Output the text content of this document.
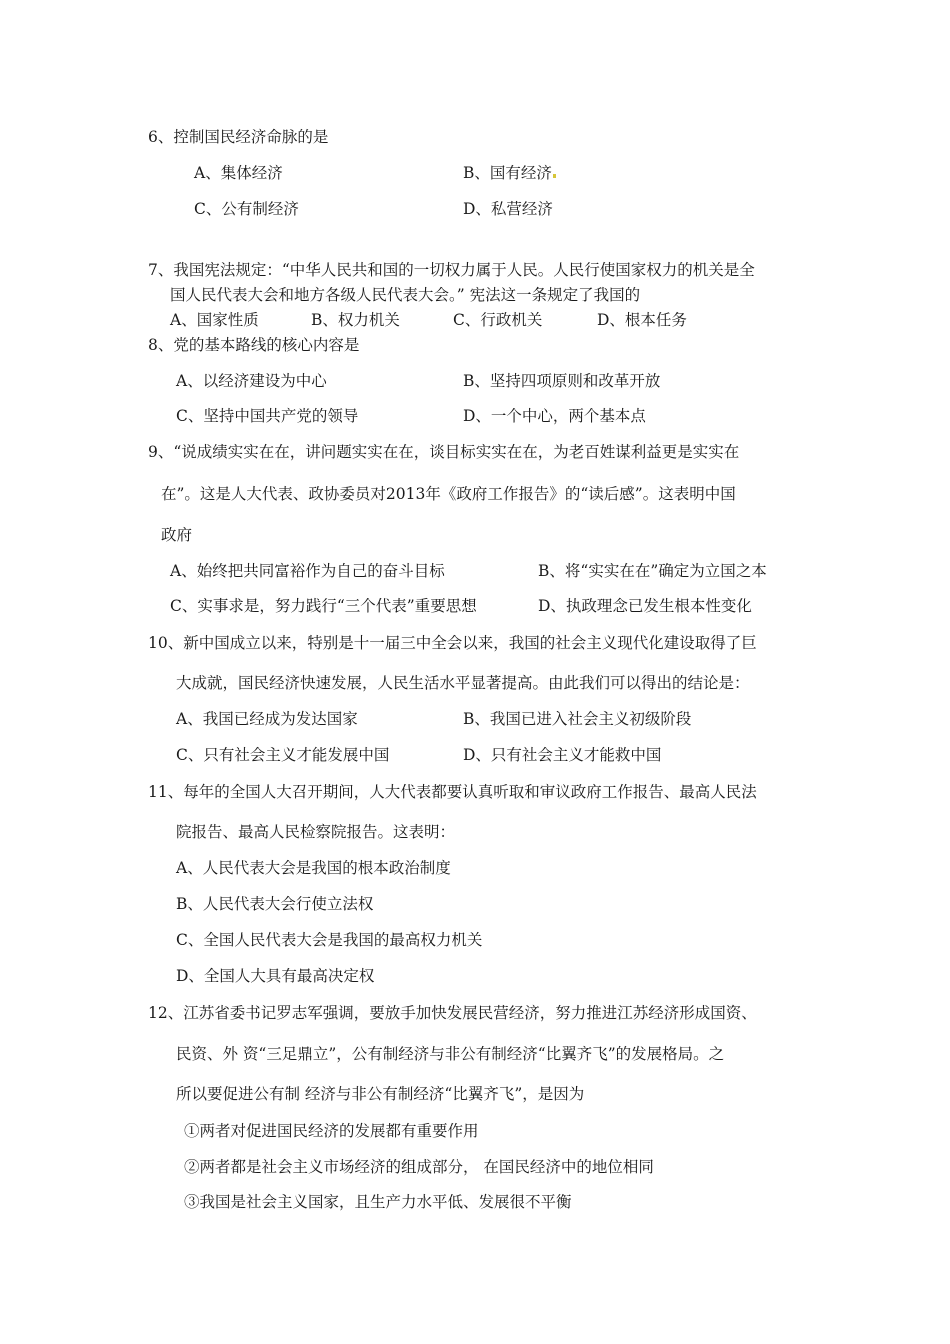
6、控制国民经济命脉的是
A、集体经济	B、国有经济
C、公有制经济	D、私营经济
7、我国宪法规定：“中华人民共和国的一切权力属于人民。人民行使国家权力的机关是全
国人民代表大会和地方各级人民代表大会。” 宪法这一条规定了我国的
A、国家性质	B、权力机关	C、行政机关	D、根本任务
8、党的基本路线的核心内容是
A、以经济建设为中心	B、坚持四项原则和改革开放
C、坚持中国共产党的领导	D、一个中心，两个基本点
9、“说成绩实实在在，讲问题实实在在，谈目标实实在在，为老百姓谋利益更是实实在
在”。这是人大代表、政协委员对2013年《政府工作报告》的“读后感”。这表明中国
政府
A、始终把共同富裕作为自己的奋斗目标	B、将“实实在在”确定为立国之本
C、实事求是，努力践行“三个代表”重要思想	D、执政理念已发生根本性变化
10、新中国成立以来，特别是十一届三中全会以来，我国的社会主义现代化建设取得了巨
大成就，国民经济快速发展，人民生活水平显著提高。由此我们可以得出的结论是：
A、我国已经成为发达国家	B、我国已进入社会主义初级阶段
C、只有社会主义才能发展中国	D、只有社会主义才能救中国
11、每年的全国人大召开期间，人大代表都要认真听取和审议政府工作报告、最高人民法
院报告、最高人民检察院报告。这表明：
A、人民代表大会是我国的根本政治制度
B、人民代表大会行使立法权
C、全国人民代表大会是我国的最高权力机关
D、全国人大具有最高决定权
12、江苏省委书记罗志军强调，要放手加快发展民营经济，努力推进江苏经济形成国资、
民资、外 资“三足鼎立”，公有制经济与非公有制经济“比翼齐飞”的发展格局。之
所以要促进公有制 经济与非公有制经济“比翼齐飞”，是因为
①两者对促进国民经济的发展都有重要作用
②两者都是社会主义市场经济的组成部分， 在国民经济中的地位相同
③我国是社会主义国家，且生产力水平低、发展很不平衡
